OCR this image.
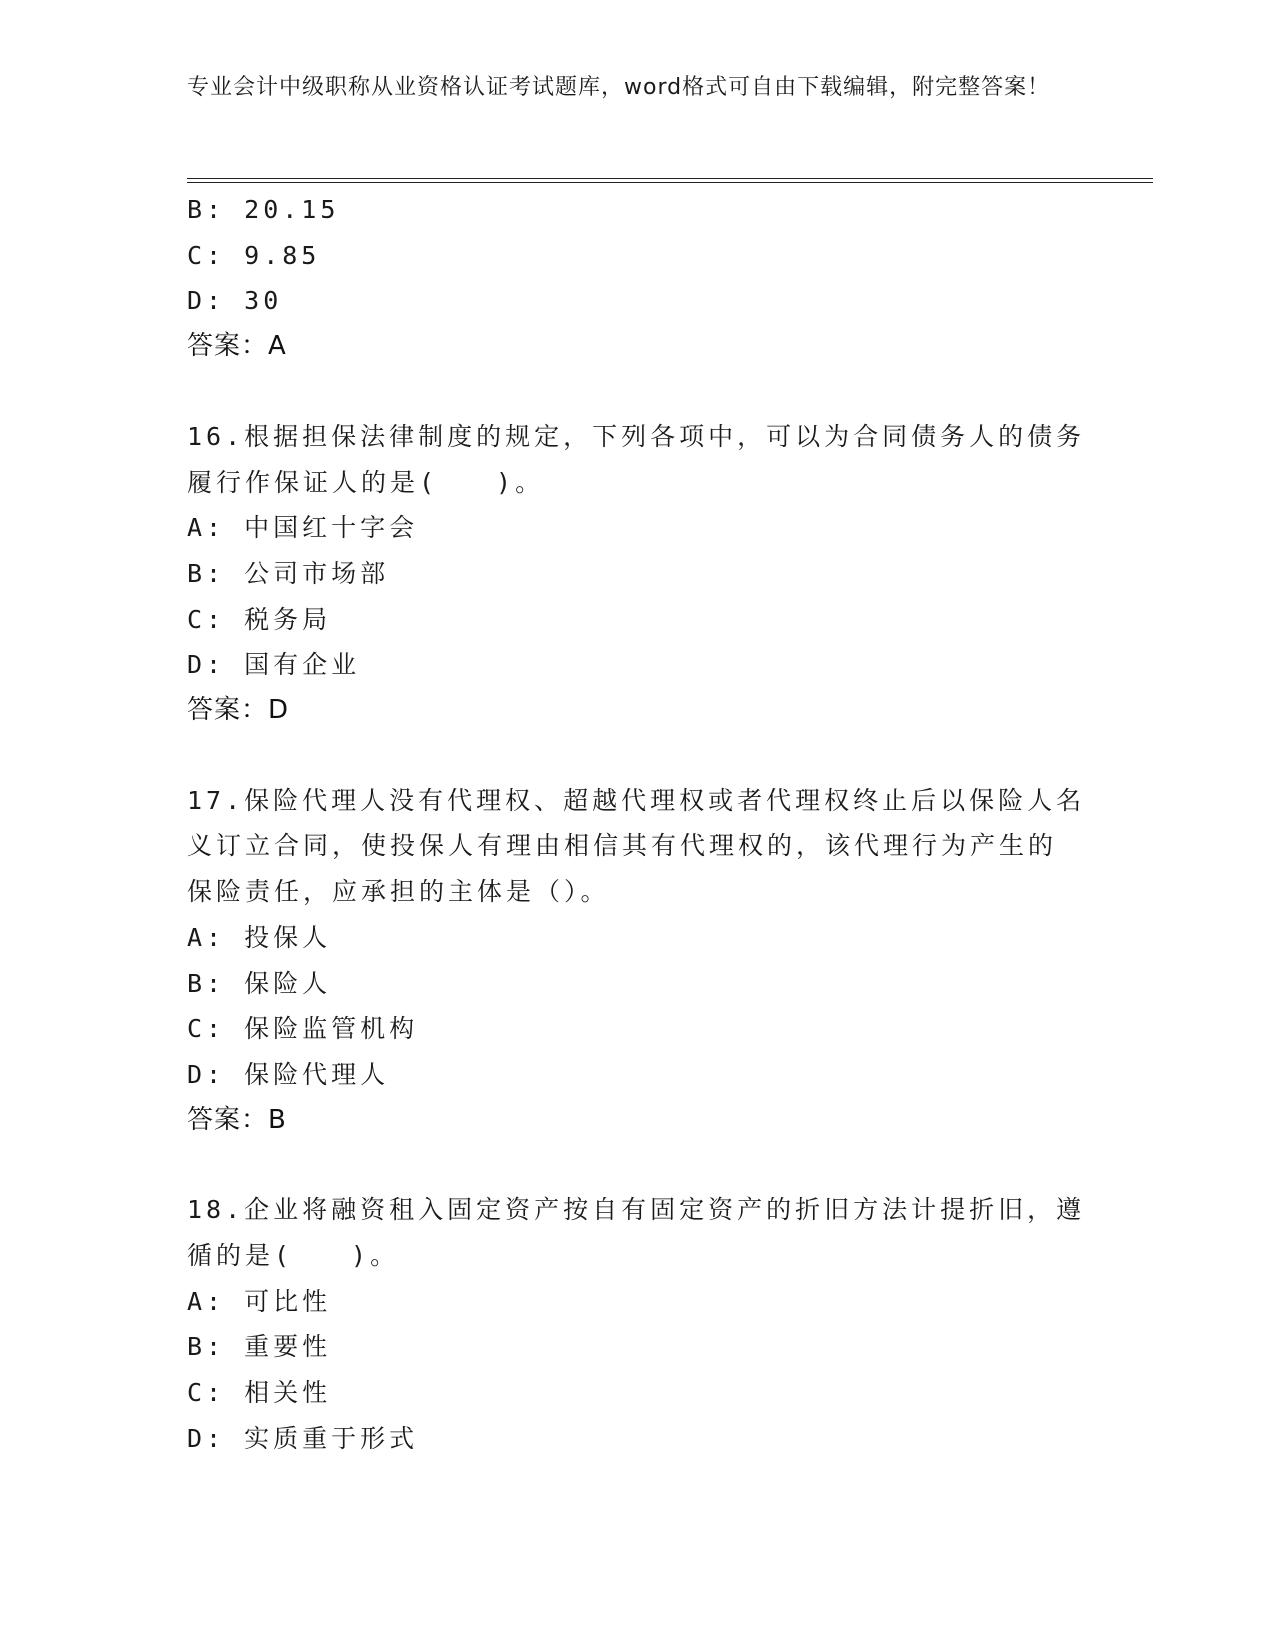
专业会计中级职称从业资格认证考试题库，word格式可自由下载编辑，附完整答案！
B: 20.15
C: 9.85
D: 30
答案：A
16.根据担保法律制度的规定，下列各项中，可以为合同债务人的债务
履行作保证人的是(　　)。
A: 中国红十字会
B: 公司市场部
C: 税务局
D: 国有企业
答案：D
17.保险代理人没有代理权、超越代理权或者代理权终止后以保险人名
义订立合同，使投保人有理由相信其有代理权的，该代理行为产生的
保险责任，应承担的主体是（）。
A: 投保人
B: 保险人
C: 保险监管机构
D: 保险代理人
答案：B
18.企业将融资租入固定资产按自有固定资产的折旧方法计提折旧，遵
循的是(　　)。
A: 可比性
B: 重要性
C: 相关性
D: 实质重于形式
